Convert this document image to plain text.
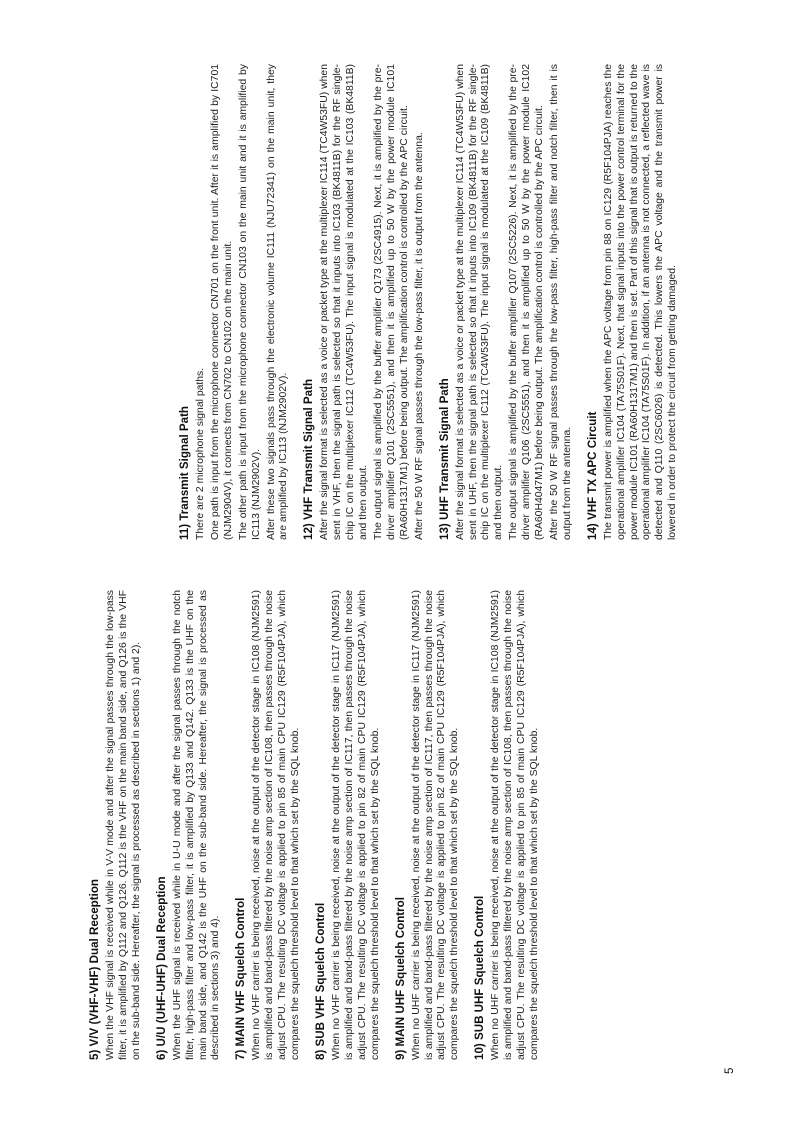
5) V/V (VHF-VHF) Dual Reception When the VHF signal is received while in V-V mode and after the signal passes through the low-pass filter, it is amplified by Q112 and Q126. Q112 is the VHF on the main band side, and Q126 is the VHF on the sub-band side. Hereafter, the signal is processed as described in sections 1) and 2). 6) U/U (UHF-UHF) Dual Reception When the UHF signal is received while in U-U mode and after the signal passes through the notch filter, high-pass filter and low-pass filter, it is amplified by Q133 and Q142. Q133 is the UHF on the main band side, and Q142 is the UHF on the sub-band side. Hereafter, the signal is processed as described in sections 3) and 4). 7) MAIN VHF Squelch Control When no VHF carrier is being received, noise at the output of the detector stage in IC108 (NJM2591) is amplified and band-pass filtered by the noise amp section of IC108, then passes through the noise adjust CPU. The resulting DC voltage is applied to pin 85 of main CPU IC129 (R5F104PJA), which compares the squelch threshold level to that which set by the SQL knob. 8) SUB VHF Squelch Control When no VHF carrier is being received, noise at the output of the detector stage in IC117 (NJM2591) is amplified and band-pass filtered by the noise amp section of IC117, then passes through the noise adjust CPU. The resulting DC voltage is applied to pin 82 of main CPU IC129 (R5F104PJA), which compares the squelch threshold level to that which set by the SQL knob. 9) MAIN UHF Squelch Control When no UHF carrier is being received, noise at the output of the detector stage in IC117 (NJM2591) is amplified and band-pass filtered by the noise amp section of IC117, then passes through the noise adjust CPU. The resulting DC voltage is applied to pin 82 of main CPU IC129 (R5F104PJA), which compares the squelch threshold level to that which set by the SQL knob. 10) SUB UHF Squelch Control When no UHF carrier is being received, noise at the output of the detector stage in IC108 (NJM2591) is amplified and band-pass filtered by the noise amp section of IC108, then passes through the noise adjust CPU. The resulting DC voltage is applied to pin 85 of main CPU IC129 (R5F104PJA), which compares the squelch threshold level to that which set by the SQL knob.

11) Transmit Signal Path There are 2 microphone signal paths. One path is input from the microphone connector CN701 on the front unit. After it is amplified by IC701 (NJM2904V), it connects from CN702 to CN102 on the main unit. The other path is input from the microphone connector CN103 on the main unit and it is amplified by IC113 (NJM2902V). After these two signals pass through the electronic volume IC111 (NJU72341) on the main unit, they are amplified by IC113 (NJM2902V). 12) VHF Transmit Signal Path After the signal format is selected as a voice or packet type at the multiplexer IC114 (TC4W53FU) when sent in VHF, then the signal path is selected so that it inputs into IC103 (BK4811B) for the RF single-chip IC on the multiplexer IC112 (TC4W53FU). The input signal is modulated at the IC103 (BK4811B) and then output. The output signal is amplified by the buffer amplifier Q173 (2SC4915). Next, it is amplified by the pre-driver amplifier Q101 (2SC5551), and then it is amplified up to 50 W by the power module IC101 (RA60H1317M1) before being output. The amplification control is controlled by the APC circuit. After the 50 W RF signal passes through the low-pass filter, it is output from the antenna. 13) UHF Transmit Signal Path After the signal format is selected as a voice or packet type at the multiplexer IC114 (TC4W53FU) when sent in UHF, then the signal path is selected so that it inputs into IC109 (BK4811B) for the RF single-chip IC on the multiplexer IC112 (TC4W53FU). The input signal is modulated at the IC109 (BK4811B) and then output. The output signal is amplified by the buffer amplifier Q107 (2SC5226). Next, it is amplified by the pre-driver amplifier Q106 (2SC5551), and then it is amplified up to 50 W by the power module IC102 (RA60H4047M1) before being output. The amplification control is controlled by the APC circuit. After the 50 W RF signal passes through the low-pass filter, high-pass filter and notch filter, then it is output from the antenna. 14) VHF TX APC Circuit The transmit power is amplified when the APC voltage from pin 88 on IC129 (R5F104PJA) reaches the operational amplifier IC104 (TA75S01F). Next, that signal inputs into the power control terminal for the power module IC101 (RA60H1317M1) and then is set. Part of this signal that is output is returned to the operational amplifier IC104 (TA75S01F). In addition, if an antenna is not connected, a reflected wave is detected and Q110 (2SC6026) is detected. This lowers the APC voltage and the transmit power is lowered in order to protect the circuit from getting damaged.

5
